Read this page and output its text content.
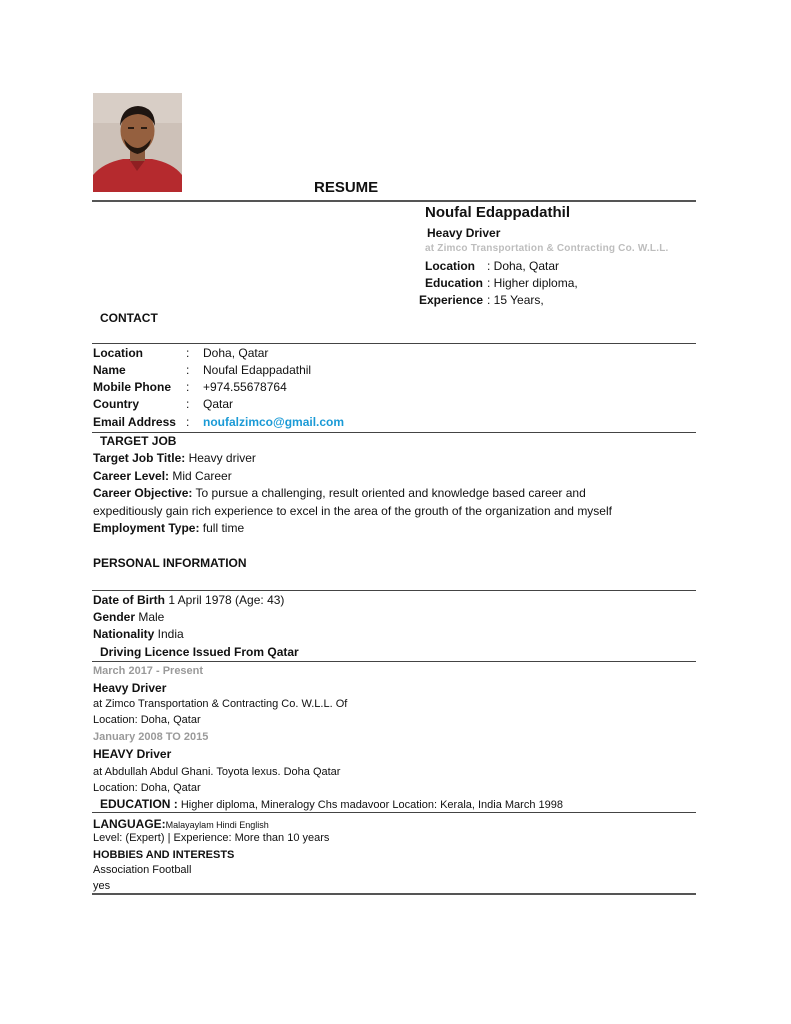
RESUME
Noufal Edappadathil
Heavy Driver
at Zimco Transportation & Contracting Co. W.L.L.
Location : Doha, Qatar
Education : Higher diploma,
Experience : 15 Years,
CONTACT
Location	: Doha, Qatar
Name	: Noufal Edappadathil
Mobile Phone : +974.55678764
Country	: Qatar
Email Address : noufalzimco@gmail.com
TARGET JOB
Target Job Title: Heavy driver
Career Level: Mid Career
Career Objective: To pursue a challenging, result oriented and knowledge based career and
expeditiously gain rich experience to excel in the area of the grouth of the organization and myself
Employment Type: full time
PERSONAL INFORMATION
Date of Birth 1 April 1978 (Age: 43)
Gender Male
Nationality India
Driving Licence Issued From Qatar
March 2017 - Present
Heavy Driver
at Zimco Transportation & Contracting Co. W.L.L. Of
Location: Doha, Qatar
January 2008 TO 2015
HEAVY Driver
at Abdullah Abdul Ghani. Toyota lexus. Doha Qatar
Location: Doha, Qatar
EDUCATION : Higher diploma, Mineralogy Chs madavoor Location: Kerala, India March 1998
LANGUAGE:Malayaylam Hindi English
Level: (Expert) | Experience: More than 10 years
HOBBIES AND INTERESTS
Association Football
yes
